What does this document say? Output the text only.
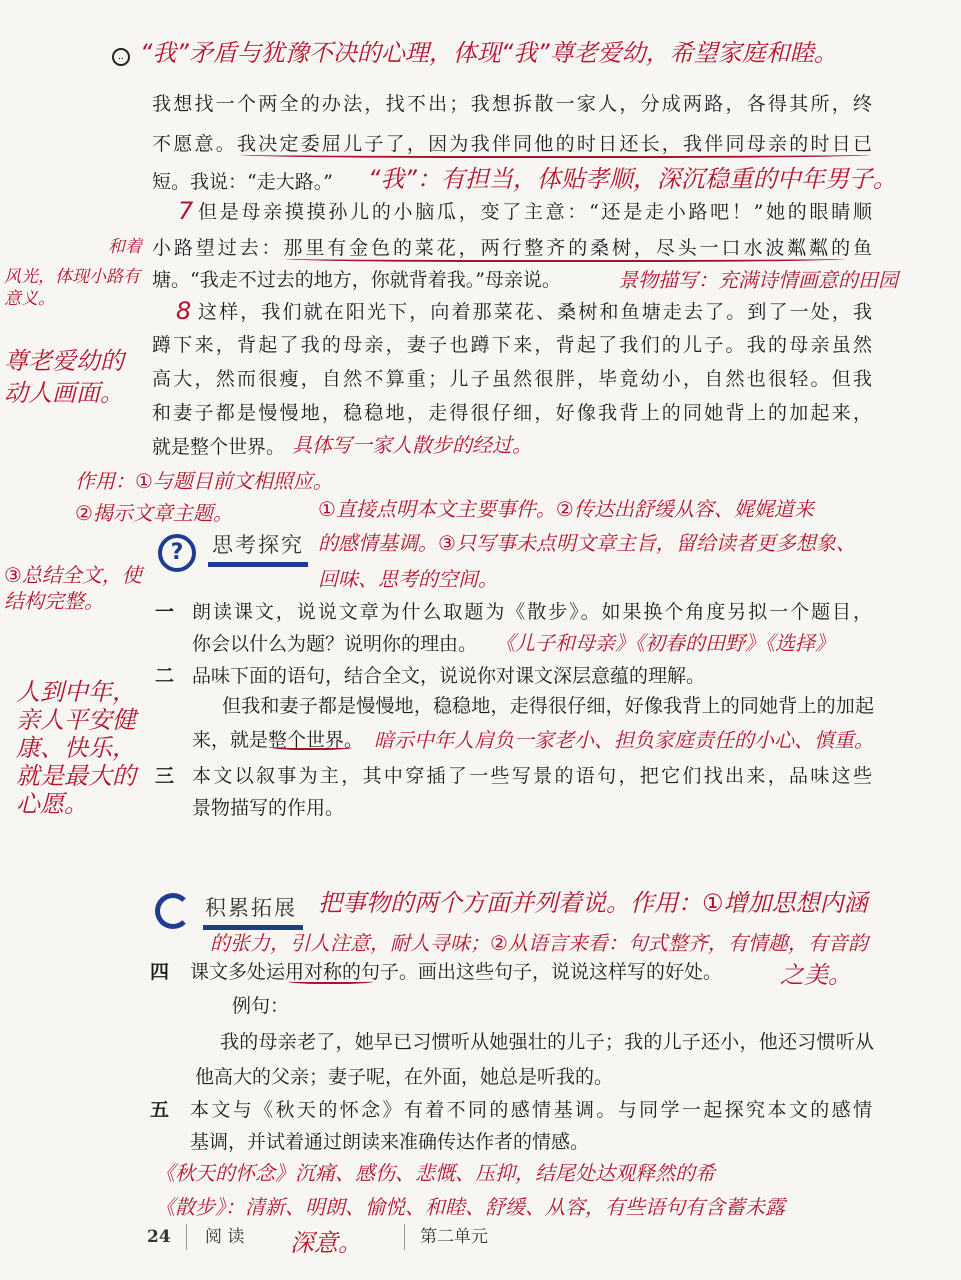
‥ “我”矛盾与犹豫不决的心理，体现“我”尊老爱幼，希望家庭和睦。
我想找一个两全的办法，找不出；我想拆散一家人，分成两路，各得其所，终
不愿意。我决定委屈儿子了，因为我伴同他的时日还长，我伴同母亲的时日已
短。我说：“走大路。” “我”：有担当，体贴孝顺，深沉稳重的中年男子。
7 但是母亲摸摸孙儿的小脑瓜，变了主意：“还是走小路吧！”她的眼睛顺
和着 小路望过去：那里有金色的菜花，两行整齐的桑树，尽头一口水波粼粼的鱼
塘。“我走不过去的地方，你就背着我。”母亲说。	景物描写：充满诗情画意的田园
风光，体现小路有意义。	8 这样，我们就在阳光下，向着那菜花、桑树和鱼塘走去了。到了一处，我
蹲下来，背起了我的母亲，妻子也蹲下来，背起了我们的儿子。我的母亲虽然
高大，然而很瘦，自然不算重；儿子虽然很胖，毕竟幼小，自然也很轻。但我
和妻子都是慢慢地，稳稳地，走得很仔细，好像我背上的同她背上的加起来，
就是整个世界。 具体写一家人散步的经过。
尊老爱幼的动人画面。
作用：①与题目前文相照应。
②揭示文章主题。
③总结全文，使结构完整。
①直接点明本文主要事件。②传达出舒缓从容、娓娓道来
的感情基调。③只写事未点明文章主旨，留给读者更多想象、
回味、思考的空间。
?	思考探究
一 朗读课文，说说文章为什么取题为《散步》。如果换个角度另拟一个题目，
你会以什么为题？说明你的理由。 《儿子和母亲》《初春的田野》《选择》
二 品味下面的语句，结合全文，说说你对课文深层意蕴的理解。
但我和妻子都是慢慢地，稳稳地，走得很仔细，好像我背上的同她背上的加起
来，就是整个世界。 暗示中年人肩负一家老小、担负家庭责任的小心、慎重。
人到中年，亲人平安健康、快乐，就是最大的心愿。
三 本文以叙事为主，其中穿插了一些写景的语句，把它们找出来，品味这些
景物描写的作用。
积累拓展 把事物的两个方面并列着说。作用：①增加思想内涵
的张力，引人注意，耐人寻味；②从语言来看：句式整齐，有情趣，有音韵
之美。
四 课文多处运用对称的句子。画出这些句子，说说这样写的好处。
例句：
我的母亲老了，她早已习惯听从她强壮的儿子；我的儿子还小，他还习惯听从
他高大的父亲；妻子呢，在外面，她总是听我的。
五 本文与《秋天的怀念》有着不同的感情基调。与同学一起探究本文的感情
基调，并试着通过朗读来准确传达作者的情感。
《秋天的怀念》沉痛、感伤、悲慨、压抑，结尾处达观释然的希
《散步》：清新、明朗、愉悦、和睦、舒缓、从容，有些语句有含蓄未露
深意。
24 阅 读	第二单元
